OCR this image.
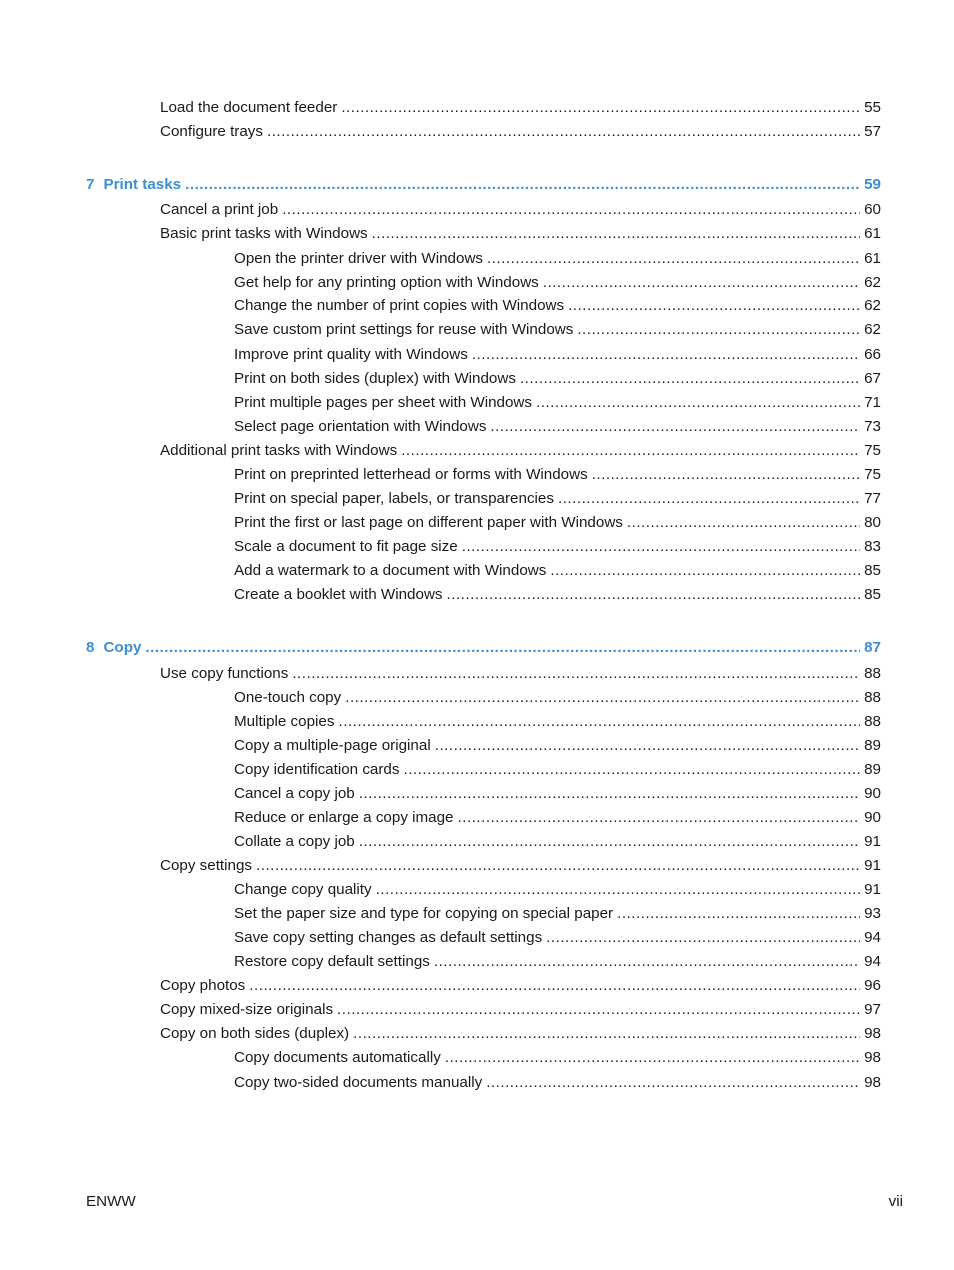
Load the document feeder .....	55
Configure trays .....	57
7 Print tasks .....	59
Cancel a print job .....	60
Basic print tasks with Windows .....	61
Open the printer driver with Windows .....	61
Get help for any printing option with Windows .....	62
Change the number of print copies with Windows .....	62
Save custom print settings for reuse with Windows .....	62
Improve print quality with Windows .....	66
Print on both sides (duplex) with Windows .....	67
Print multiple pages per sheet with Windows .....	71
Select page orientation with Windows .....	73
Additional print tasks with Windows .....	75
Print on preprinted letterhead or forms with Windows .....	75
Print on special paper, labels, or transparencies .....	77
Print the first or last page on different paper with Windows .....	80
Scale a document to fit page size .....	83
Add a watermark to a document with Windows .....	85
Create a booklet with Windows .....	85
8 Copy .....	87
Use copy functions .....	88
One-touch copy .....	88
Multiple copies .....	88
Copy a multiple-page original .....	89
Copy identification cards .....	89
Cancel a copy job .....	90
Reduce or enlarge a copy image .....	90
Collate a copy job .....	91
Copy settings .....	91
Change copy quality .....	91
Set the paper size and type for copying on special paper .....	93
Save copy setting changes as default settings .....	94
Restore copy default settings .....	94
Copy photos .....	96
Copy mixed-size originals .....	97
Copy on both sides (duplex) .....	98
Copy documents automatically .....	98
Copy two-sided documents manually .....	98
ENWW	vii
